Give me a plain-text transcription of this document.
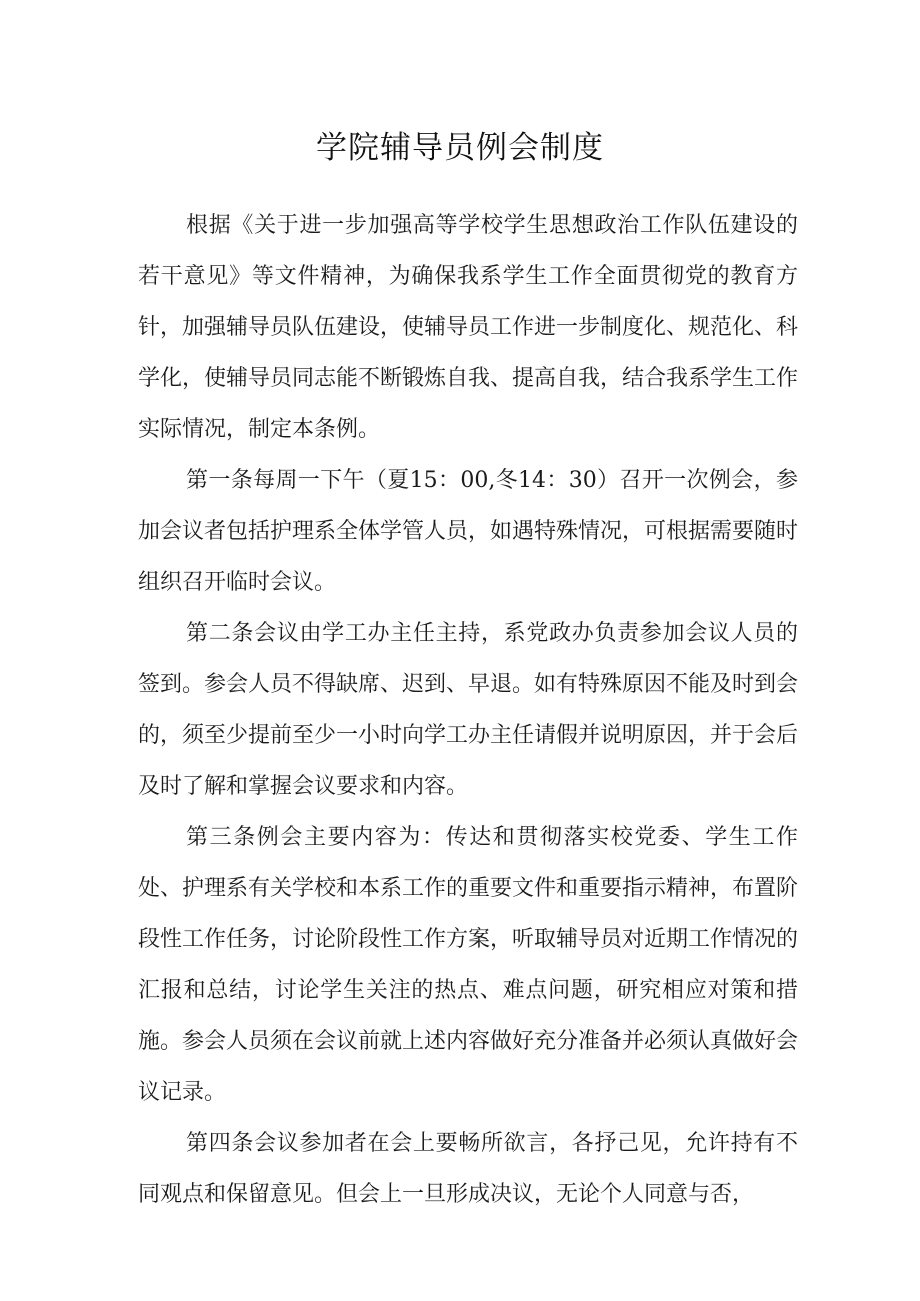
学院辅导员例会制度

根据《关于进一步加强高等学校学生思想政治工作队伍建设的若干意见》等文件精神，为确保我系学生工作全面贯彻党的教育方针，加强辅导员队伍建设，使辅导员工作进一步制度化、规范化、科学化，使辅导员同志能不断锻炼自我、提高自我，结合我系学生工作实际情况，制定本条例。

第一条每周一下午（夏15：00,冬14：30）召开一次例会，参加会议者包括护理系全体学管人员，如遇特殊情况，可根据需要随时组织召开临时会议。

第二条会议由学工办主任主持，系党政办负责参加会议人员的签到。参会人员不得缺席、迟到、早退。如有特殊原因不能及时到会的，须至少提前至少一小时向学工办主任请假并说明原因，并于会后及时了解和掌握会议要求和内容。

第三条例会主要内容为：传达和贯彻落实校党委、学生工作处、护理系有关学校和本系工作的重要文件和重要指示精神，布置阶段性工作任务，讨论阶段性工作方案，听取辅导员对近期工作情况的汇报和总结，讨论学生关注的热点、难点问题，研究相应对策和措施。参会人员须在会议前就上述内容做好充分准备并必须认真做好会议记录。

第四条会议参加者在会上要畅所欲言，各抒己见，允许持有不同观点和保留意见。但会上一旦形成决议，无论个人同意与否，
